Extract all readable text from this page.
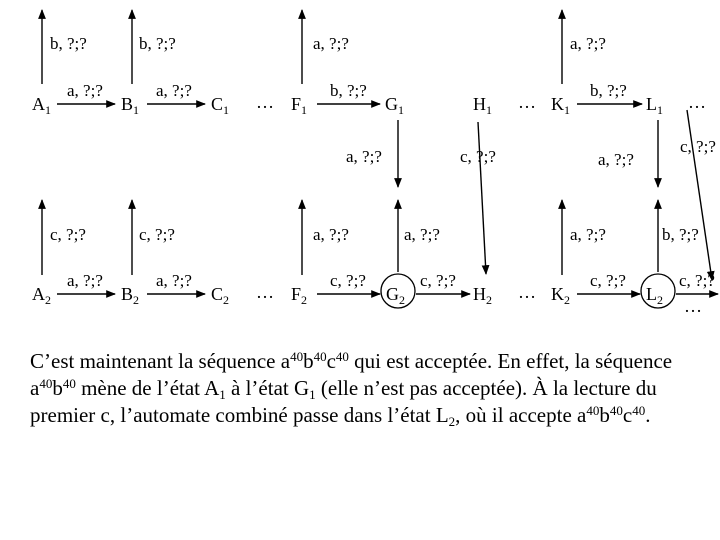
b, ?;?	b, ?;?	a, ?;?	a, ?;?
a, ?;?	a, ?;?	b, ?;?	b, ?;?
a, ?;?	c, ?;?	a, ?;?
c, ?;?
c, ?;?	c, ?;?	a, ?;?	a, ?;?	a, ?;?	b, ?;?
a, ?;?	a, ?;?	c, ?;?	c, ?;?	c, ?;?	c, ?;?
…	…	…
…	…
…
$A_1$	$B_1$	$C_1$	$F_1$	$G_1$	$H_1$	$K_1$	$L_1$
$A_2$	$B_2$	$C_2$	$F_2$	$G_2$	$H_2$	$K_2$	$L_2$
C’est maintenant la séquence $a^{40}b^{40}c^{40}$ qui est acceptée. En effet, la séquence $a^{40}b^{40}$ mène de l’état $A_1$ à l’état $G_1$ (elle n’est pas acceptée). À la lecture du premier c, l’automate combiné passe dans l’état $L_2$, où il accepte $a^{40}b^{40}c^{40}$.
